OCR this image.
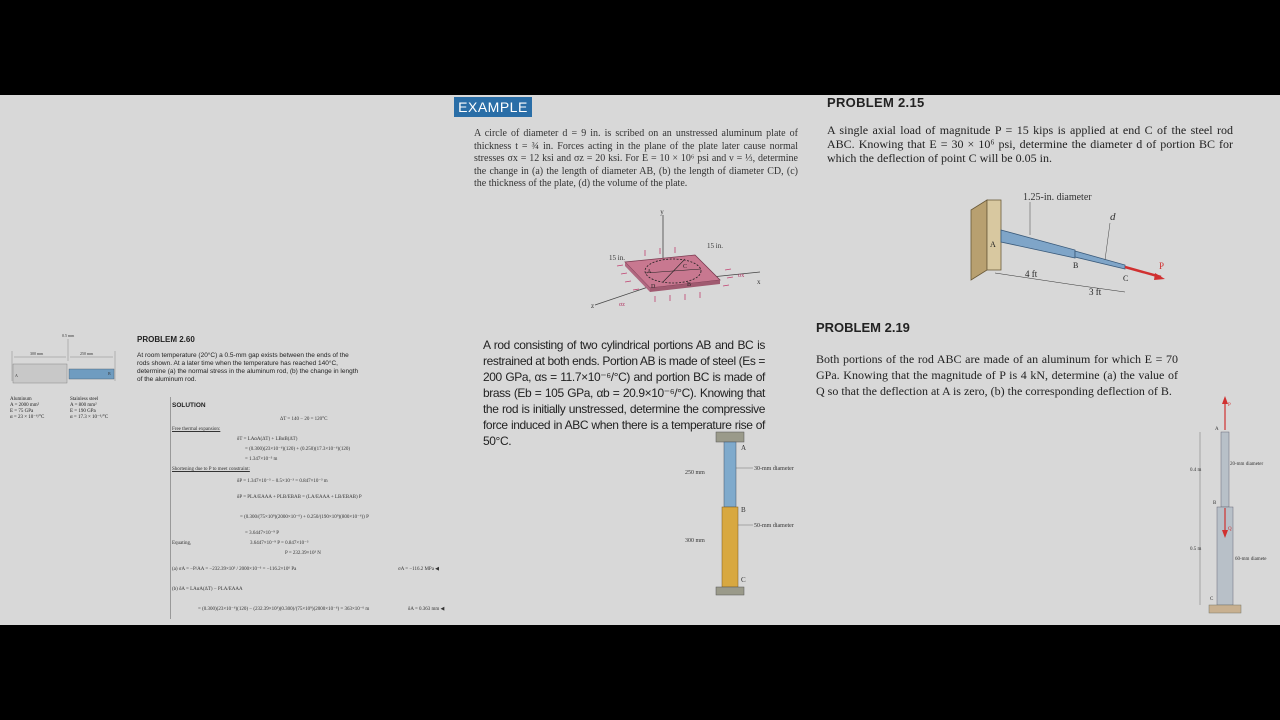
EXAMPLE
A circle of diameter d = 9 in. is scribed on an unstressed aluminum plate of thickness t = ¾ in. Forces acting in the plane of the plate later cause normal stresses σx = 12 ksi and σz = 20 ksi. For E = 10 × 10⁶ psi and ν = ⅓, determine the change in (a) the length of diameter AB, (b) the length of diameter CD, (c) the thickness of the plate, (d) the volume of the plate.
y
x
z
15 in.
15 in.
A
B
C
D
σx
σz
PROBLEM 2.15
A single axial load of magnitude P = 15 kips is applied at end C of the steel rod ABC. Knowing that E = 30 × 10⁶ psi, determine the diameter d of portion BC for which the deflection of point C will be 0.05 in.
1.25-in. diameter
d
A
B
C
P
4 ft
3 ft
PROBLEM 2.19
Both portions of the rod ABC are made of an aluminum for which E = 70 GPa. Knowing that the magnitude of P is 4 kN, determine (a) the value of Q so that the deflection at A is zero, (b) the corresponding deflection of B.
P
A
Q
B
C
0.4 m
0.5 m
20-mm diameter
60-mm diamete
A rod consisting of two cylindrical portions AB and BC is restrained at both ends. Portion AB is made of steel (Es = 200 GPa, αs = 11.7×10⁻⁶/°C) and portion BC is made of brass (Eb = 105 GPa, αb = 20.9×10⁻⁶/°C). Knowing that the rod is initially unstressed, determine the compressive force induced in ABC when there is a temperature rise of 50°C.	A
B
C
250 mm
300 mm
30-mm diameter
50-mm diameter
0.5 mm
300 mm	250 mm
A	B
Aluminum
A = 2000 mm²
E = 75 GPa
α = 23 × 10⁻⁶/°C
Stainless steel
A = 800 mm²
E = 190 GPa
α = 17.3 × 10⁻⁶/°C
PROBLEM 2.60
At room temperature (20°C) a 0.5-mm gap exists between the ends of the rods shown. At a later time when the temperature has reached 140°C, determine (a) the normal stress in the aluminum rod, (b) the change in length of the aluminum rod.
SOLUTION
ΔT = 140 − 20 = 120°C
Free thermal expansion:
δT = LAαA(ΔT) + LBαB(ΔT)
= (0.300)(23×10⁻⁶)(120) + (0.250)(17.3×10⁻⁶)(120)
= 1.347×10⁻³ m
Shortening due to P to meet constraint:
δP = 1.347×10⁻³ − 0.5×10⁻³ = 0.847×10⁻³ m
δP = PLA/EAAA + PLB/EBAB = (LA/EAAA + LB/EBAB) P
= (0.300/(75×10⁹)(2000×10⁻⁶) + 0.250/(190×10⁹)(800×10⁻⁶)) P
= 3.6447×10⁻⁹ P
Equating,	3.6447×10⁻⁹ P = 0.847×10⁻³
P = 232.39×10³ N
(a) σA = −P/AA = −232.39×10³ / 2000×10⁻⁶ = −116.2×10⁶ Pa	σA = −116.2 MPa ◀
(b) δA = LAαA(ΔT) − PLA/EAAA
= (0.300)(23×10⁻⁶)(120) − (232.39×10³)(0.300)/(75×10⁹)(2000×10⁻⁶) = 363×10⁻⁶ m	δA = 0.363 mm ◀
